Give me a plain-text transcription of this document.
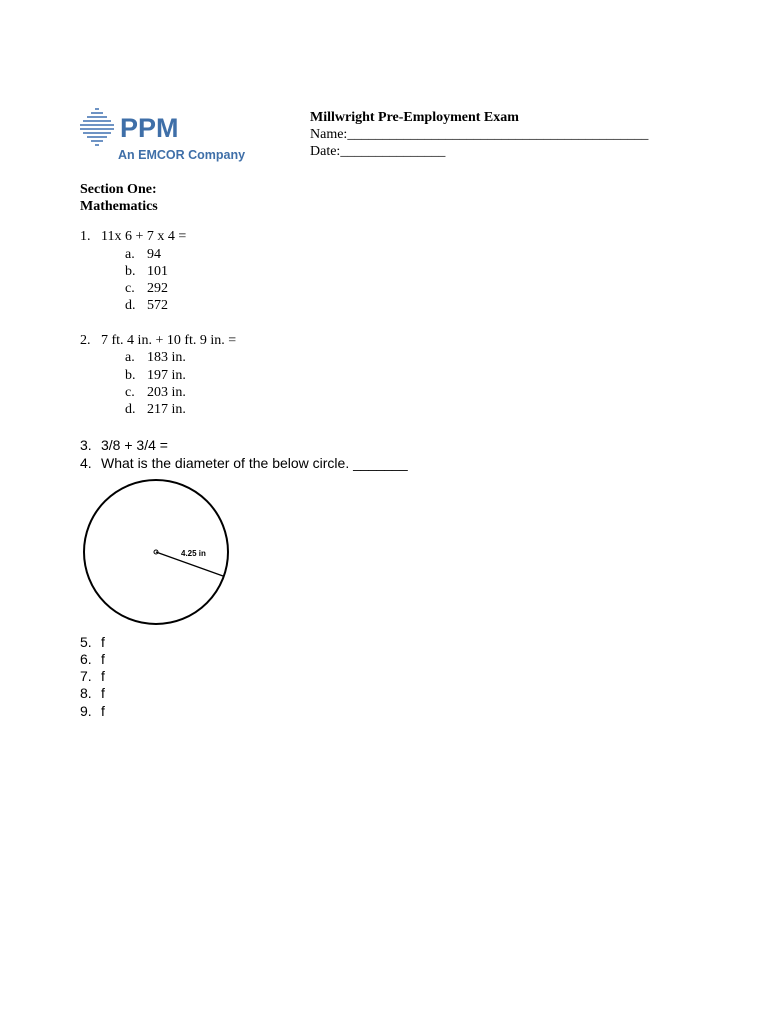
PPM
An EMCOR Company
Millwright Pre-Employment Exam
Name:___________________________________________
Date:_______________
Section One:
Mathematics
1. 11x 6 + 7 x 4 =
a. 94
b. 101
c. 292
d. 572
2. 7 ft. 4 in. + 10 ft. 9 in. =
a. 183 in.
b. 197 in.
c. 203 in.
d. 217 in.
3. 3/8 + 3/4 =
4. What is the diameter of the below circle. _______
4.25 in
5. f
6. f
7. f
8. f
9. f
